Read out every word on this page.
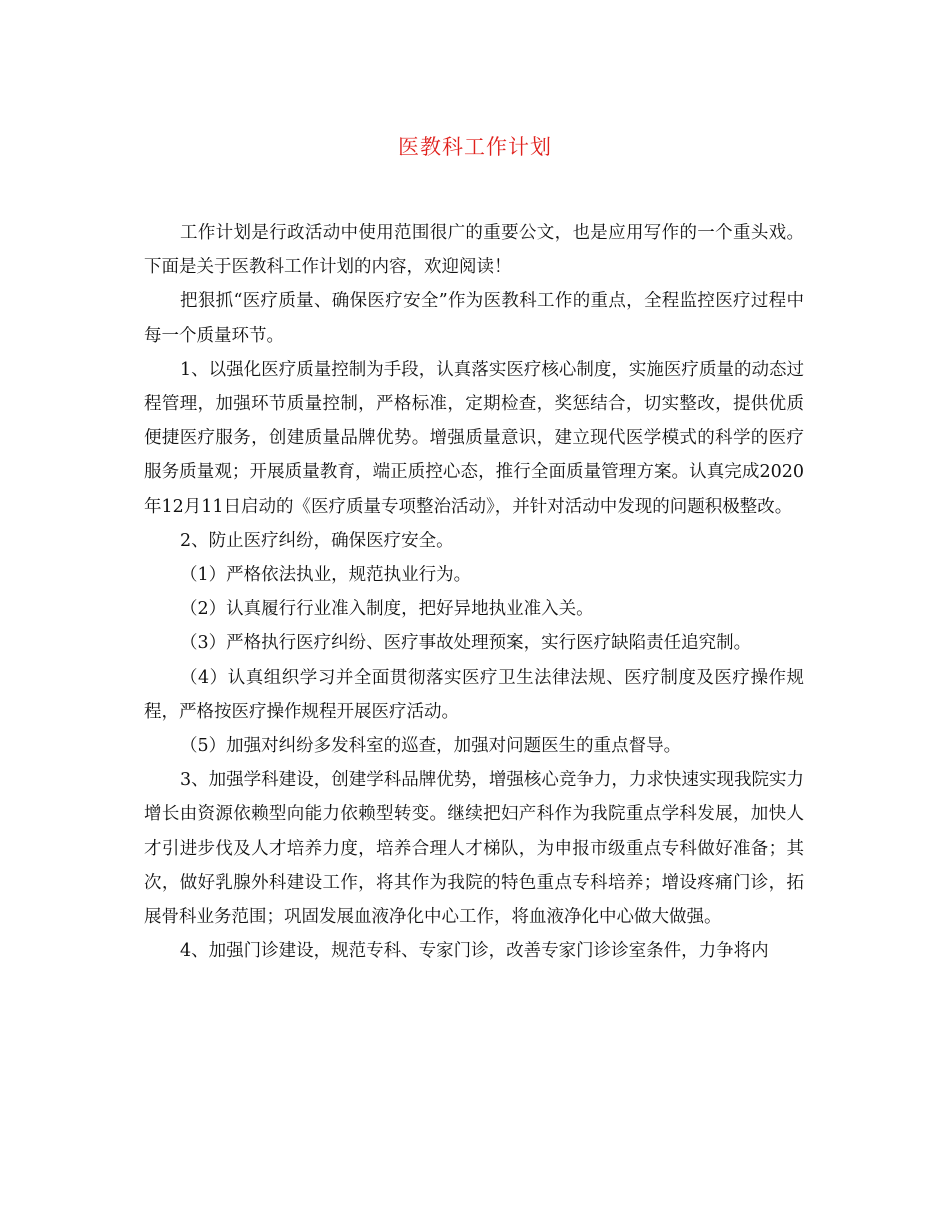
医教科工作计划

工作计划是行政活动中使用范围很广的重要公文，也是应用写作的一个重头戏。下面是关于医教科工作计划的内容，欢迎阅读！

把狠抓“医疗质量、确保医疗安全”作为医教科工作的重点，全程监控医疗过程中每一个质量环节。

1、以强化医疗质量控制为手段，认真落实医疗核心制度，实施医疗质量的动态过程管理，加强环节质量控制，严格标准，定期检查，奖惩结合，切实整改，提供优质便捷医疗服务，创建质量品牌优势。增强质量意识，建立现代医学模式的科学的医疗服务质量观；开展质量教育，端正质控心态，推行全面质量管理方案。认真完成2020年12月11日启动的《医疗质量专项整治活动》，并针对活动中发现的问题积极整改。

2、防止医疗纠纷，确保医疗安全。

（1）严格依法执业，规范执业行为。

（2）认真履行行业准入制度，把好异地执业准入关。

（3）严格执行医疗纠纷、医疗事故处理预案，实行医疗缺陷责任追究制。

（4）认真组织学习并全面贯彻落实医疗卫生法律法规、医疗制度及医疗操作规程，严格按医疗操作规程开展医疗活动。

（5）加强对纠纷多发科室的巡查，加强对问题医生的重点督导。

3、加强学科建设，创建学科品牌优势，增强核心竞争力，力求快速实现我院实力增长由资源依赖型向能力依赖型转变。继续把妇产科作为我院重点学科发展，加快人才引进步伐及人才培养力度，培养合理人才梯队，为申报市级重点专科做好准备；其次，做好乳腺外科建设工作，将其作为我院的特色重点专科培养；增设疼痛门诊，拓展骨科业务范围；巩固发展血液净化中心工作，将血液净化中心做大做强。

4、加强门诊建设，规范专科、专家门诊，改善专家门诊诊室条件，力争将内
